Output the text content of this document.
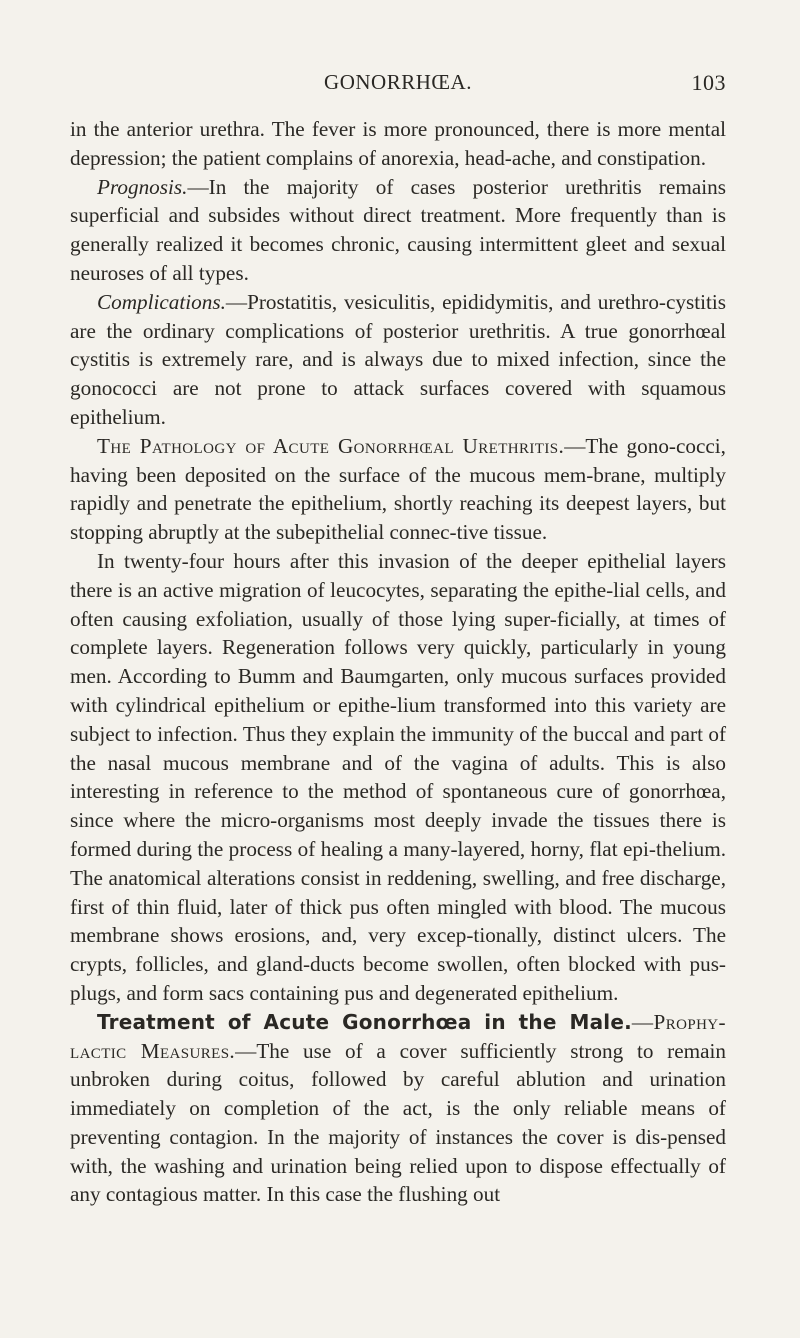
GONORRHŒA.	103

in the anterior urethra. The fever is more pronounced, there is more mental depression; the patient complains of anorexia, head-ache, and constipation.

Prognosis.—In the majority of cases posterior urethritis remains superficial and subsides without direct treatment. More frequently than is generally realized it becomes chronic, causing intermittent gleet and sexual neuroses of all types.

Complications.—Prostatitis, vesiculitis, epididymitis, and urethro-cystitis are the ordinary complications of posterior urethritis. A true gonorrhœal cystitis is extremely rare, and is always due to mixed infection, since the gonococci are not prone to attack surfaces covered with squamous epithelium.

The Pathology of Acute Gonorrhœal Urethritis.—The gono-cocci, having been deposited on the surface of the mucous mem-brane, multiply rapidly and penetrate the epithelium, shortly reaching its deepest layers, but stopping abruptly at the subepithelial connec-tive tissue.

In twenty-four hours after this invasion of the deeper epithelial layers there is an active migration of leucocytes, separating the epithe-lial cells, and often causing exfoliation, usually of those lying super-ficially, at times of complete layers. Regeneration follows very quickly, particularly in young men. According to Bumm and Baumgarten, only mucous surfaces provided with cylindrical epithelium or epithe-lium transformed into this variety are subject to infection. Thus they explain the immunity of the buccal and part of the nasal mucous membrane and of the vagina of adults. This is also interesting in reference to the method of spontaneous cure of gonorrhœa, since where the micro-organisms most deeply invade the tissues there is formed during the process of healing a many-layered, horny, flat epi-thelium. The anatomical alterations consist in reddening, swelling, and free discharge, first of thin fluid, later of thick pus often mingled with blood. The mucous membrane shows erosions, and, very excep-tionally, distinct ulcers. The crypts, follicles, and gland-ducts become swollen, often blocked with pus-plugs, and form sacs containing pus and degenerated epithelium.

Treatment of Acute Gonorrhœa in the Male.—Prophy-lactic Measures.—The use of a cover sufficiently strong to remain unbroken during coitus, followed by careful ablution and urination immediately on completion of the act, is the only reliable means of preventing contagion. In the majority of instances the cover is dis-pensed with, the washing and urination being relied upon to dispose effectually of any contagious matter. In this case the flushing out
